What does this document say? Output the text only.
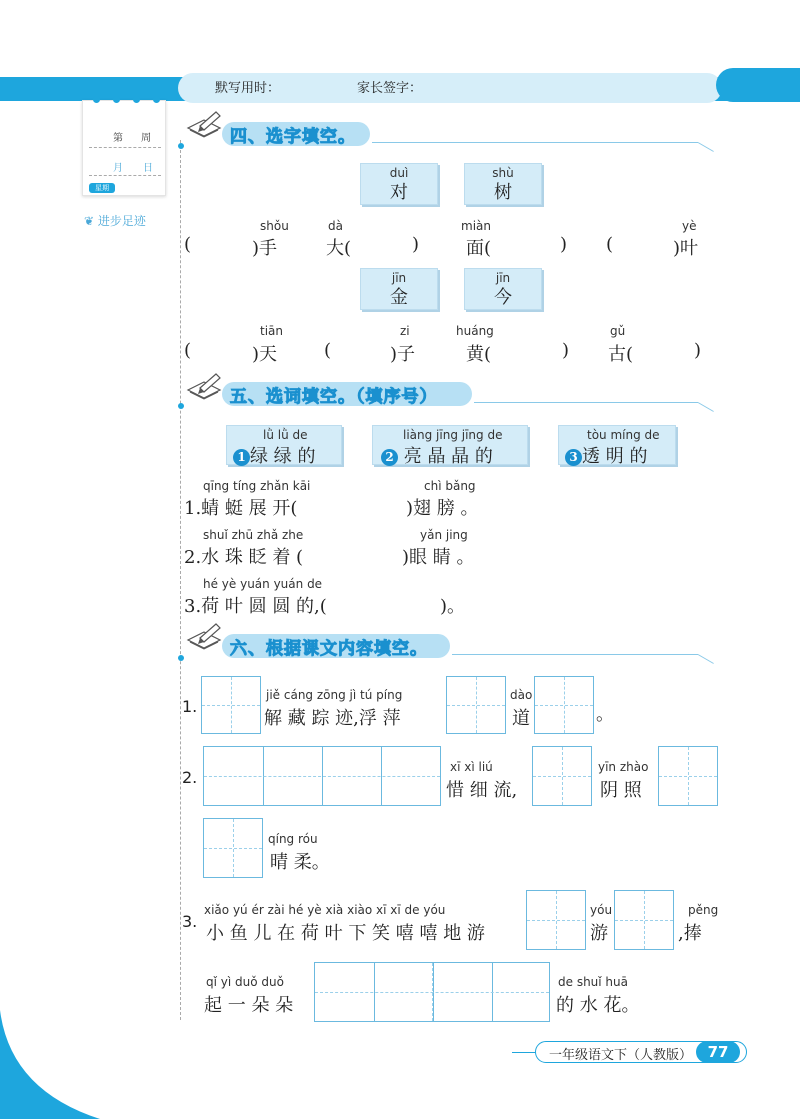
默写用时：	家长签字：
第 周
月 日
星期
❦ 进步足迹
四、选字填空。
duì
对
shù
树
shǒu	dà	miàn	yè
(	)手	大(	)	面(	) (	)叶
jīn
金
jīn
今
tiān	zi	huáng	gǔ
(	)天	(	)子	黄(	) 古(	)
五、选词填空。（填序号）
lǜ lǜ de
1 绿 绿 的
liàng jīng jīng de
2 亮 晶 晶 的
tòu míng de
3 透 明 的
qīng tíng zhǎn kāi	chì bǎng
1.蜻 蜓 展 开(	)翅 膀 。
shuǐ zhū zhǎ zhe	yǎn jing
2.水 珠 眨 着 (	)眼 睛 。
hé yè yuán yuán de
3.荷 叶 圆 圆 的,(	)。
六、根据课文内容填空。
1.
jiě cáng zōng jì tú píng
解 藏 踪 迹,浮 萍
dào
道	。
2.
xī xì liú
惜 细 流,
yīn zhào
阴 照
qíng róu
晴 柔。
3.
xiǎo yú ér zài hé yè xià xiào xī xī de yóu
小 鱼 儿 在 荷 叶 下 笑 嘻 嘻 地 游
yóu
游
pěng
,捧
qǐ yì duǒ duǒ
起 一 朵 朵
de shuǐ huā
的 水 花。
一年级语文下（人教版）	77
